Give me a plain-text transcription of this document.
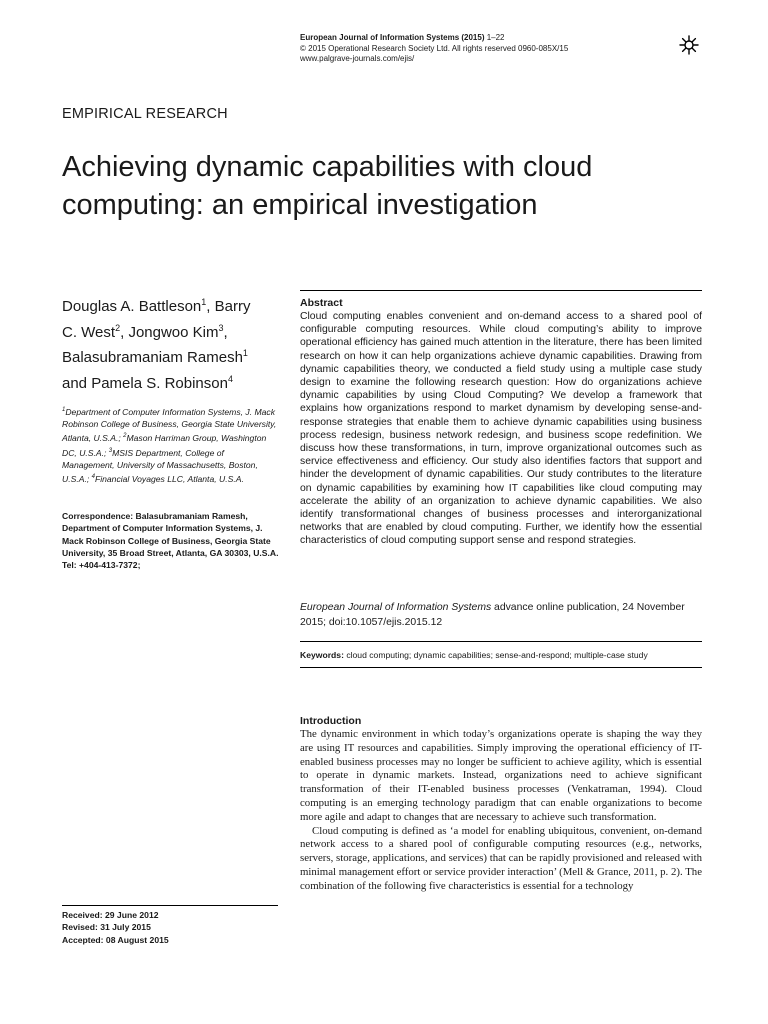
European Journal of Information Systems (2015) 1–22
© 2015 Operational Research Society Ltd. All rights reserved 0960-085X/15
www.palgrave-journals.com/ejis/
EMPIRICAL RESEARCH
Achieving dynamic capabilities with cloud computing: an empirical investigation
Douglas A. Battleson$^1$, Barry C. West$^2$, Jongwoo Kim$^3$, Balasubramaniam Ramesh$^1$ and Pamela S. Robinson$^4$
$^1$Department of Computer Information Systems, J. Mack Robinson College of Business, Georgia State University, Atlanta, U.S.A.; $^2$Mason Harriman Group, Washington DC, U.S.A.; $^3$MSIS Department, College of Management, University of Massachusetts, Boston, U.S.A.; $^4$Financial Voyages LLC, Atlanta, U.S.A.
Correspondence: Balasubramaniam Ramesh, Department of Computer Information Systems, J. Mack Robinson College of Business, Georgia State University, 35 Broad Street, Atlanta, GA 30303, U.S.A.
Tel: +404-413-7372;
Received: 29 June 2012
Revised: 31 July 2015
Accepted: 08 August 2015
Abstract
Cloud computing enables convenient and on-demand access to a shared pool of configurable computing resources. While cloud computing’s ability to improve operational efficiency has gained much attention in the literature, there has been limited research on how it can help organizations achieve dynamic capabilities. Drawing from dynamic capabilities theory, we conducted a field study using a multiple case study design to examine the following research question: How do organizations achieve dynamic capabilities by using Cloud Computing? We develop a framework that explains how organizations respond to market dynamism by developing sense-and-response strategies that enable them to achieve dynamic capabilities using business process redesign, business network redesign, and business scope redefinition. We discuss how these transformations, in turn, improve organizational outcomes such as service effectiveness and efficiency. Our study also identifies factors that support and hinder the development of dynamic capabilities. Our study contributes to the literature on dynamic capabilities by examining how IT capabilities like cloud computing may accelerate the ability of an organization to achieve dynamic capabilities. We also identify transformational changes of business processes and interorganizational networks that are enabled by cloud computing. Further, we identify how the essential characteristics of cloud computing support sense and respond strategies.
European Journal of Information Systems advance online publication, 24 November 2015; doi:10.1057/ejis.2015.12
Keywords: cloud computing; dynamic capabilities; sense-and-respond; multiple-case study
Introduction

The dynamic environment in which today’s organizations operate is shaping the way they are using IT resources and capabilities. Simply improving the operational efficiency of IT-enabled business processes may no longer be sufficient to achieve agility, which is essential to operate in dynamic markets. Instead, organizations need to achieve significant transformation of their IT-enabled business processes (Venkatraman, 1994). Cloud computing is an emerging technology paradigm that can enable organizations to become more agile and adapt to changes that are necessary to achieve such transformation.

Cloud computing is defined as ‘a model for enabling ubiquitous, convenient, on-demand network access to a shared pool of configurable computing resources (e.g., networks, servers, storage, applications, and services) that can be rapidly provisioned and released with minimal management effort or service provider interaction’ (Mell & Grance, 2011, p. 2). The combination of the following five characteristics is essential for a technology
